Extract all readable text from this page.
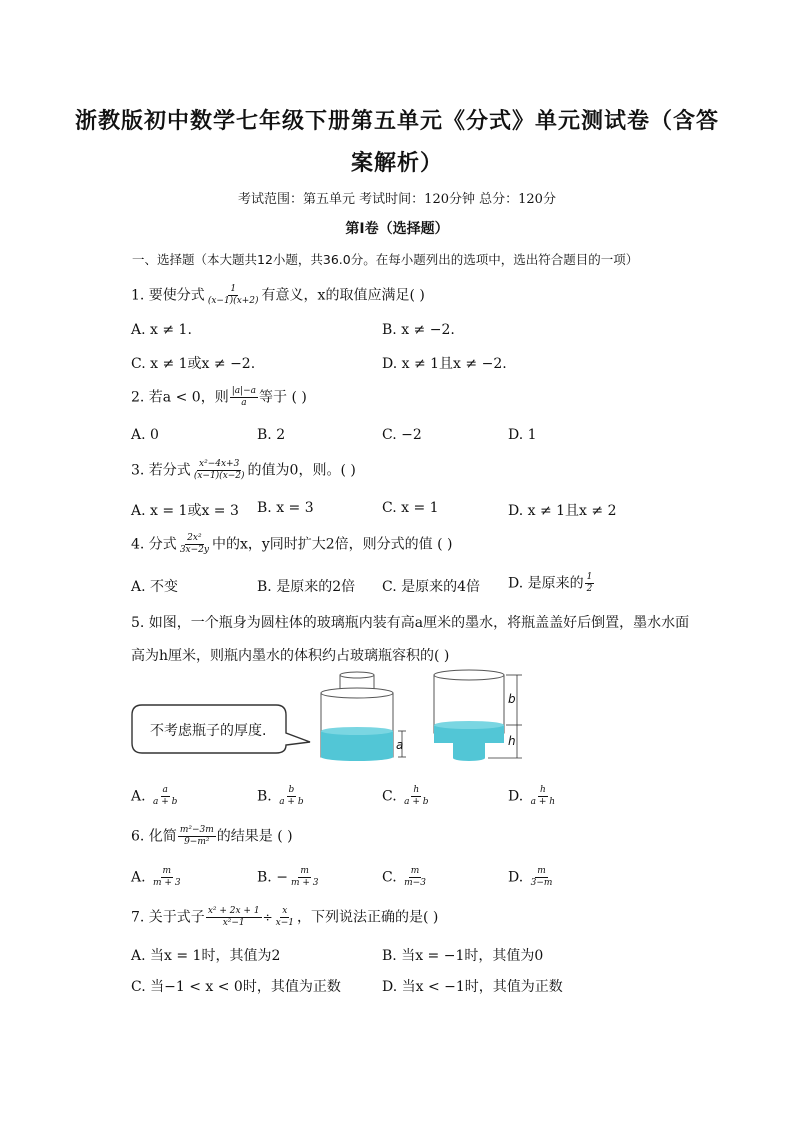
浙教版初中数学七年级下册第五单元《分式》单元测试卷（含答
案解析）
考试范围：第五单元 考试时间：120分钟 总分：120分
第I卷（选择题）
一、选择题（本大题共12小题，共36.0分。在每小题列出的选项中，选出符合题目的一项）
1. 要使分式 $\frac{1}{(x-1)(x+2)}$ 有意义，x的取值应满足( )
A. x ≠ 1.	B. x ≠ −2.
C. x ≠ 1或x ≠ −2.	D. x ≠ 1且x ≠ −2.
2. 若a < 0，则 $\frac{|a|-a}{a}$ 等于 ( )
A. 0	B. 2	C. −2	D. 1
3. 若分式 $\frac{\text{x²−4x+3}}{(x-1)(x-2)}$ 的值为0，则。( )
A. x = 1或x = 3 B. x = 3	C. x = 1	D. x ≠ 1且x ≠ 2
4. 分式 $\frac{\text{2x²}}{3x-2y}$ 中的x，y同时扩大2倍，则分式的值 ( )
A. 不变	B. 是原来的2倍 C. 是原来的4倍 D. 是原来的 $\frac{1}{2}$
5. 如图，一个瓶身为圆柱体的玻璃瓶内装有高a厘米的墨水，将瓶盖盖好后倒置，墨水水面
高为h厘米，则瓶内墨水的体积约占玻璃瓶容积的( )
不考虑瓶子的厚度.
a
b
h
A. $\frac{a}{a + b}$	B. $\frac{b}{a + b}$	C. $\frac{h}{a + b}$	D. $\frac{h}{a + h}$
6. 化简 $\frac{\text{m²−3m}}{\text{9−m²}}$ 的结果是 ( )
A. $\frac{m}{m + 3}$	B. − $\frac{m}{m + 3}$	C. $\frac{m}{m-3}$	D. $\frac{m}{3-m}$
7. 关于式子 $\frac{\text{x² + 2x + 1}}{\text{x²−1}} \div \frac{x}{x-1}$ ，下列说法正确的是( )
A. 当x = 1时，其值为2	B. 当x = −1时，其值为0
C. 当−1 < x < 0时，其值为正数	D. 当x < −1时，其值为正数
